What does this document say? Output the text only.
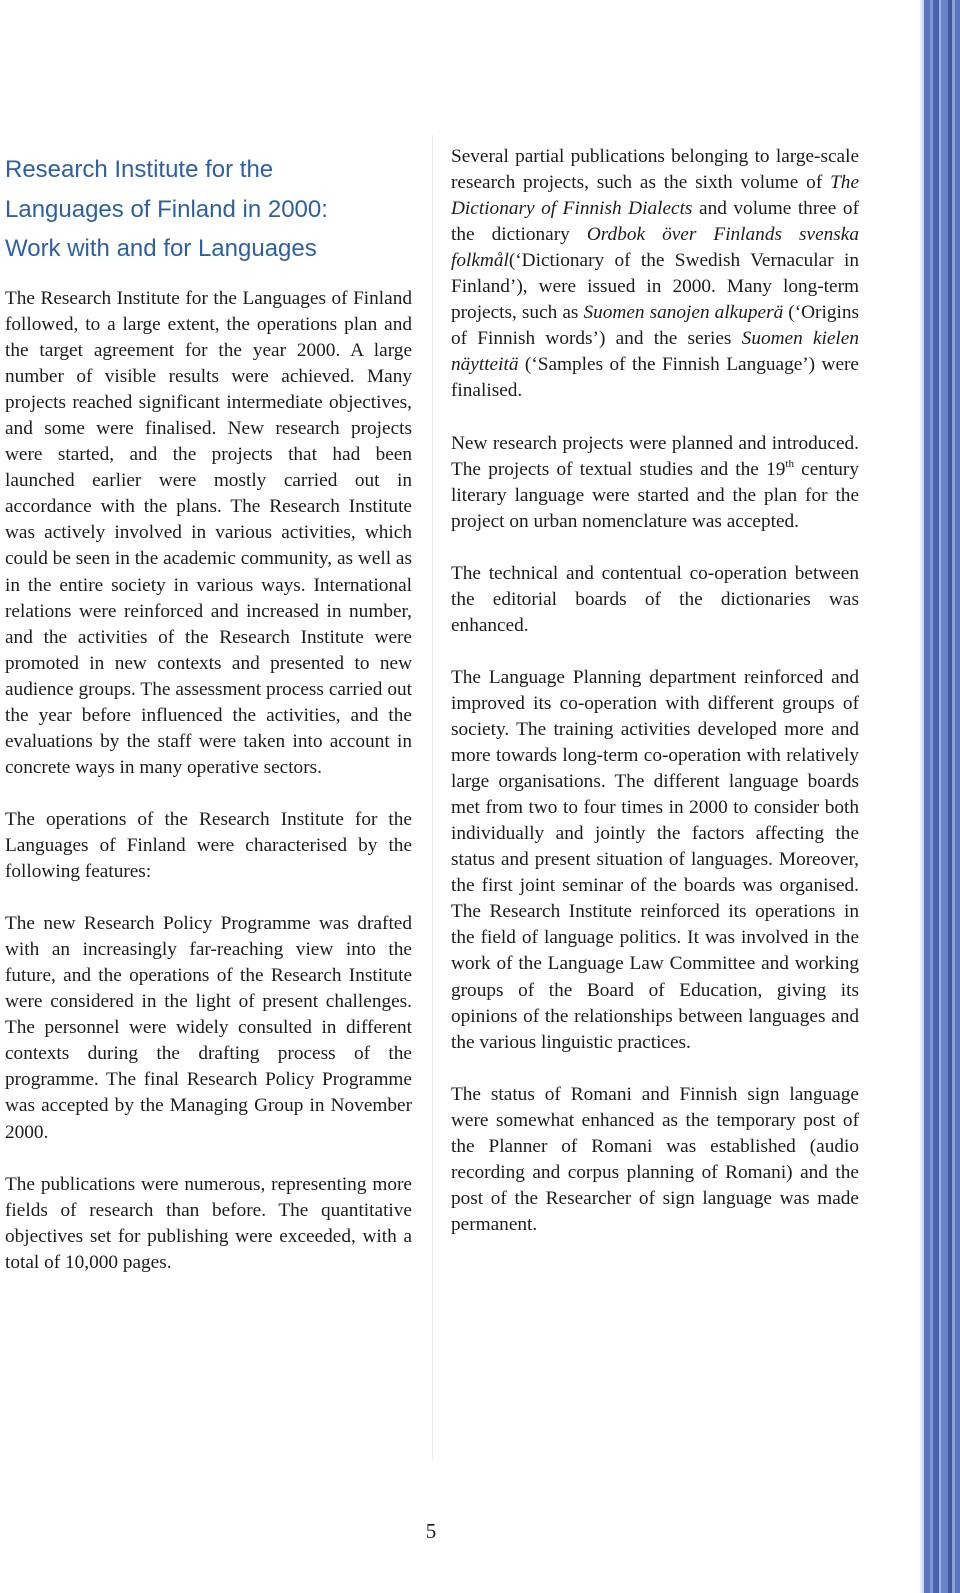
Research Institute for the
Languages of Finland in 2000:
Work with and for Languages

The Research Institute for the Languages of Finland followed, to a large extent, the operations plan and the target agreement for the year 2000. A large number of visible results were achieved. Many projects reached significant intermediate objectives, and some were finalised. New research projects were started, and the projects that had been launched earlier were mostly carried out in accordance with the plans. The Research Institute was actively involved in various activities, which could be seen in the academic community, as well as in the entire society in various ways. International relations were reinforced and increased in number, and the activities of the Research Institute were promoted in new contexts and presented to new audience groups. The assessment process carried out the year before influenced the activities, and the evaluations by the staff were taken into account in concrete ways in many operative sectors.

The operations of the Research Institute for the Languages of Finland were characterised by the following features:

The new Research Policy Programme was drafted with an increasingly far-reaching view into the future, and the operations of the Research Institute were considered in the light of present challenges. The personnel were widely consulted in different contexts during the drafting process of the programme. The final Research Policy Programme was accepted by the Managing Group in November 2000.

The publications were numerous, representing more fields of research than before. The quantitative objectives set for publishing were exceeded, with a total of 10,000 pages.

Several partial publications belonging to large-scale research projects, such as the sixth volume of The Dictionary of Finnish Dialects and volume three of the dictionary Ordbok över Finlands svenska folkmål(‘Dictionary of the Swedish Vernacular in Finland’), were issued in 2000. Many long-term projects, such as Suomen sanojen alkuperä (‘Origins of Finnish words’) and the series Suomen kielen näytteitä (‘Samples of the Finnish Language’) were finalised.

New research projects were planned and introduced. The projects of textual studies and the 19th century literary language were started and the plan for the project on urban nomenclature was accepted.

The technical and contentual co-operation between the editorial boards of the dictionaries was enhanced.

The Language Planning department reinforced and improved its co-operation with different groups of society. The training activities developed more and more towards long-term co-operation with relatively large organisations. The different language boards met from two to four times in 2000 to consider both individually and jointly the factors affecting the status and present situation of languages. Moreover, the first joint seminar of the boards was organised. The Research Institute reinforced its operations in the field of language politics. It was involved in the work of the Language Law Committee and working groups of the Board of Education, giving its opinions of the relationships between languages and the various linguistic practices.

The status of Romani and Finnish sign language were somewhat enhanced as the temporary post of the Planner of Romani was established (audio recording and corpus planning of Romani) and the post of the Researcher of sign language was made permanent.

5
